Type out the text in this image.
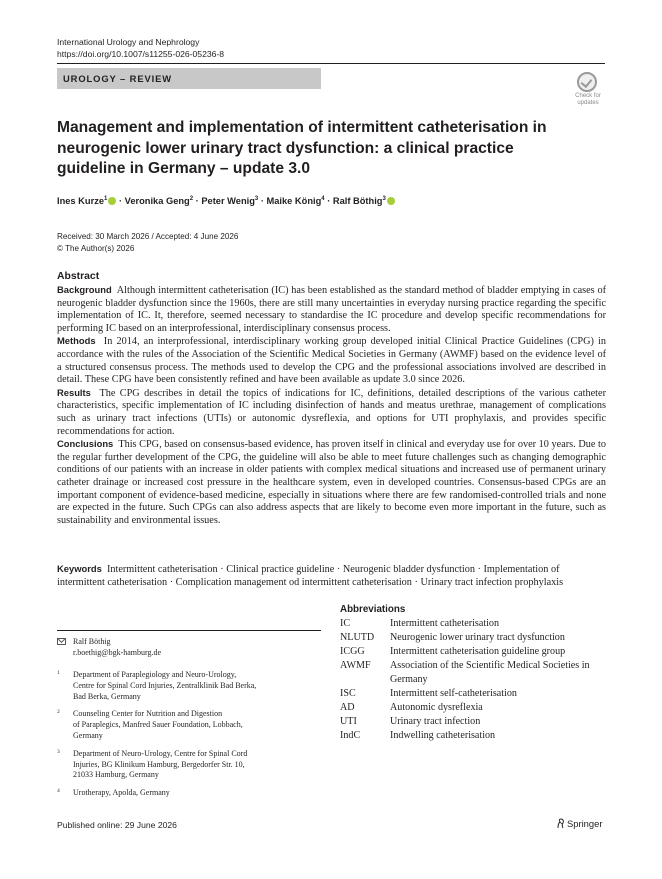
International Urology and Nephrology
https://doi.org/10.1007/s11255-026-05236-8
UROLOGY – REVIEW
Check for
updates
Management and implementation of intermittent catheterisation in neurogenic lower urinary tract dysfunction: a clinical practice guideline in Germany – update 3.0
Ines Kurze$^1$ · Veronika Geng$^2$ · Peter Wenig$^3$ · Maike König$^4$ · Ralf Böthig$^3$
Received: 30 March 2026 / Accepted: 4 June 2026
© The Author(s) 2026
Abstract

Background Although intermittent catheterisation (IC) has been established as the standard method of bladder emptying in cases of neurogenic bladder dysfunction since the 1960s, there are still many uncertainties in everyday nursing practice regarding the specific implementation of IC. It, therefore, seemed necessary to standardise the IC procedure and develop specific recommendations for performing IC based on an interprofessional, interdisciplinary consensus process.

Methods In 2014, an interprofessional, interdisciplinary working group developed initial Clinical Practice Guidelines (CPG) in accordance with the rules of the Association of the Scientific Medical Societies in Germany (AWMF) based on the evidence level of a structured consensus process. The methods used to develop the CPG and the professional associations involved are described in detail. These CPG have been consistently refined and have been available as update 3.0 since 2026.

Results The CPG describes in detail the topics of indications for IC, definitions, detailed descriptions of the various catheter characteristics, specific implementation of IC including disinfection of hands and meatus urethrae, management of complications such as urinary tract infections (UTIs) or autonomic dysreflexia, and options for UTI prophylaxis, and provides specific recommendations for action.

Conclusions This CPG, based on consensus-based evidence, has proven itself in clinical and everyday use for over 10 years. Due to the regular further development of the CPG, the guideline will also be able to meet future challenges such as changing demographic conditions of our patients with an increase in older patients with complex medical situations and increased use of permanent urinary catheter drainage or increased cost pressure in the healthcare system, even in developed countries. Consensus-based CPGs are an important component of evidence-based medicine, especially in situations where there are few randomised-controlled trials and none are expected in the future. Such CPGs can also address aspects that are likely to become even more important in the future, such as sustainability and environmental issues.

Keywords Intermittent catheterisation · Clinical practice guideline · Neurogenic bladder dysfunction · Implementation of intermittent catheterisation · Complication management od intermittent catheterisation · Urinary tract infection prophylaxis
Abbreviations
IC	Intermittent catheterisation
NLUTD	Neurogenic lower urinary tract dysfunction
ICGG	Intermittent catheterisation guideline group
AWMF	Association of the Scientific Medical Societies in Germany
ISC	Intermittent self-catheterisation
AD	Autonomic dysreflexia
UTI	Urinary tract infection
IndC	Indwelling catheterisation
Ralf Böthig
r.boethig@bgk-hamburg.de
1 Department of Paraplegiology and Neuro-Urology,
Centre for Spinal Cord Injuries, Zentralklinik Bad Berka,
Bad Berka, Germany
2 Counseling Center for Nutrition and Digestion
of Paraplegics, Manfred Sauer Foundation, Lobbach,
Germany
3 Department of Neuro-Urology, Centre for Spinal Cord
Injuries, BG Klinikum Hamburg, Bergedorfer Str. 10,
21033 Hamburg, Germany
4 Urotherapy, Apolda, Germany
Published online: 29 June 2026	Springer
